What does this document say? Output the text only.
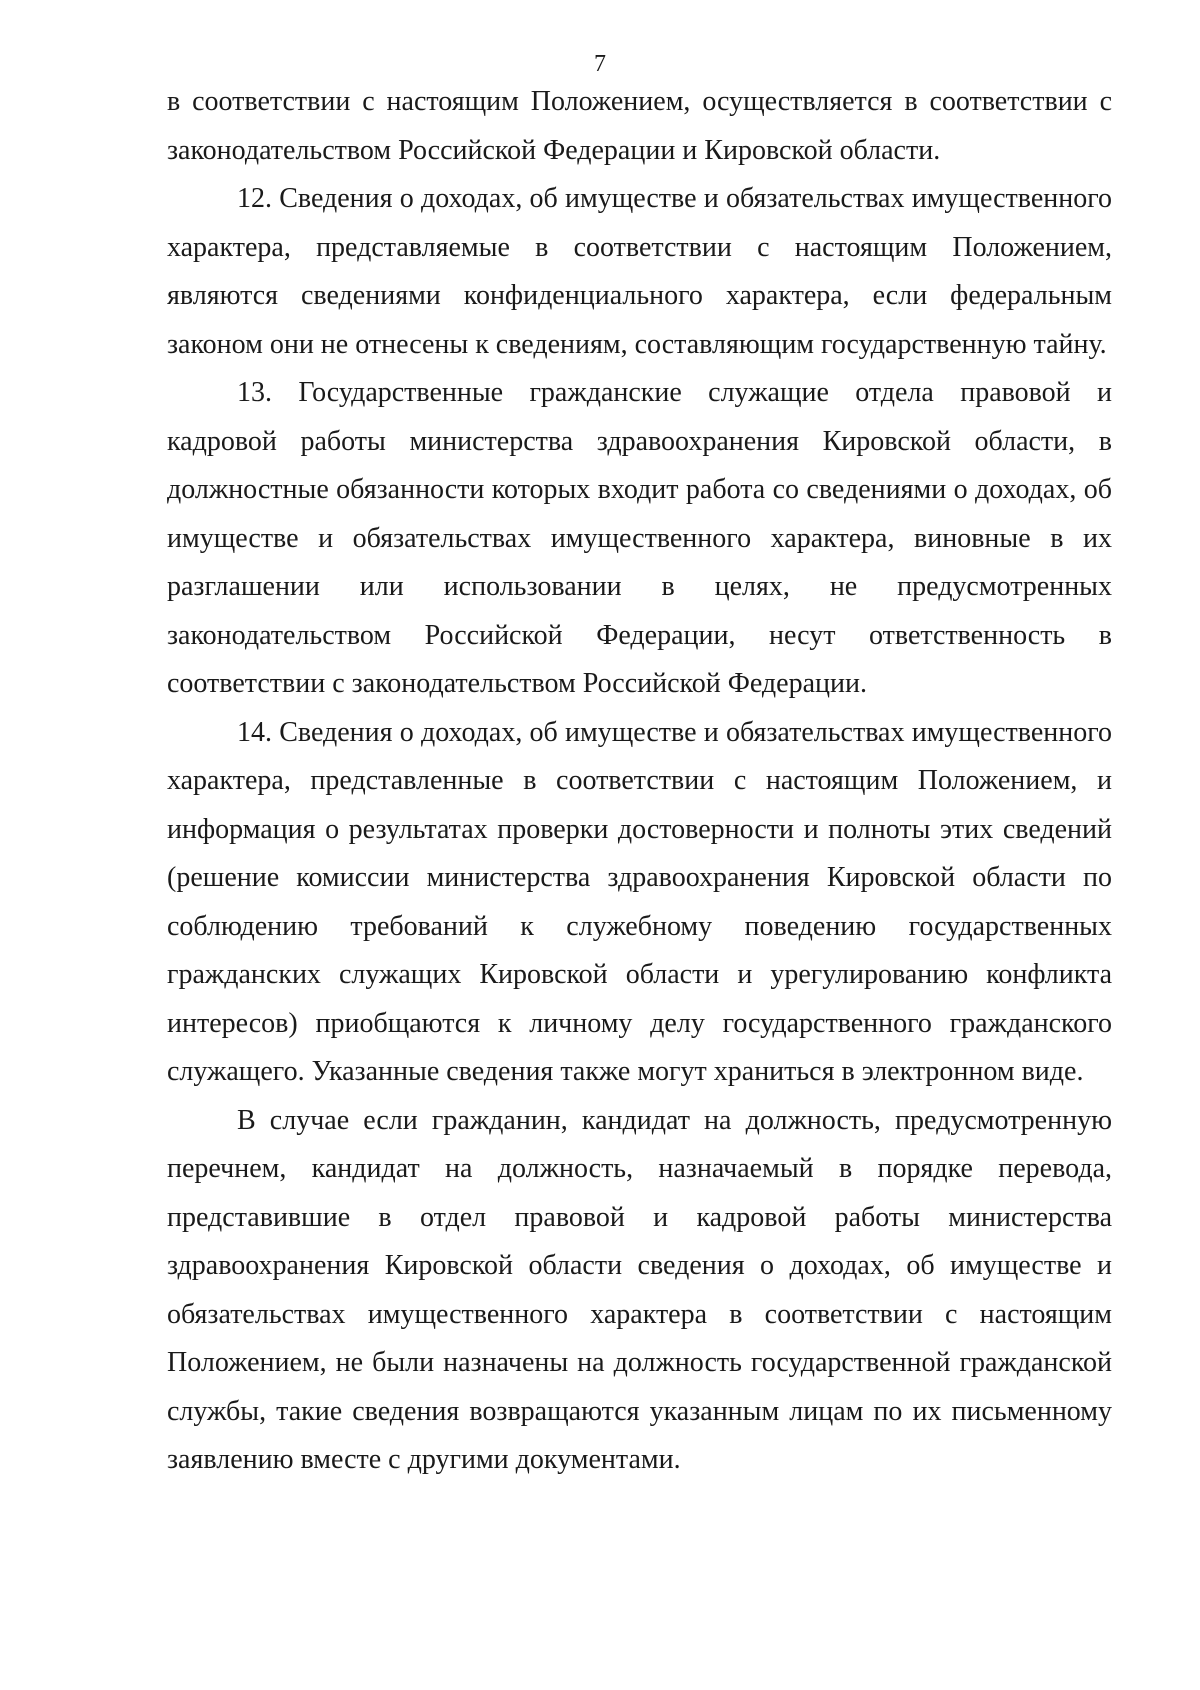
7

в соответствии с настоящим Положением, осуществляется в соответствии с законодательством Российской Федерации и Кировской области.

12. Сведения о доходах, об имуществе и обязательствах имущественного характера, представляемые в соответствии с настоящим Положением, являются сведениями конфиденциального характера, если федеральным законом они не отнесены к сведениям, составляющим государственную тайну.

13. Государственные гражданские служащие отдела правовой и кадровой работы министерства здравоохранения Кировской области, в должностные обязанности которых входит работа со сведениями о доходах, об имуществе и обязательствах имущественного характера, виновные в их разглашении или использовании в целях, не предусмотренных законодательством Российской Федерации, несут ответственность в соответствии с законодательством Российской Федерации.

14. Сведения о доходах, об имуществе и обязательствах имущественного характера, представленные в соответствии с настоящим Положением, и информация о результатах проверки достоверности и полноты этих сведений (решение комиссии министерства здравоохранения Кировской области по соблюдению требований к служебному поведению государственных гражданских служащих Кировской области и урегулированию конфликта интересов) приобщаются к личному делу государственного гражданского служащего. Указанные сведения также могут храниться в электронном виде.

В случае если гражданин, кандидат на должность, предусмотренную перечнем, кандидат на должность, назначаемый в порядке перевода, представившие в отдел правовой и кадровой работы министерства здравоохранения Кировской области сведения о доходах, об имуществе и обязательствах имущественного характера в соответствии с настоящим Положением, не были назначены на должность государственной гражданской службы, такие сведения возвращаются указанным лицам по их письменному заявлению вместе с другими документами.
